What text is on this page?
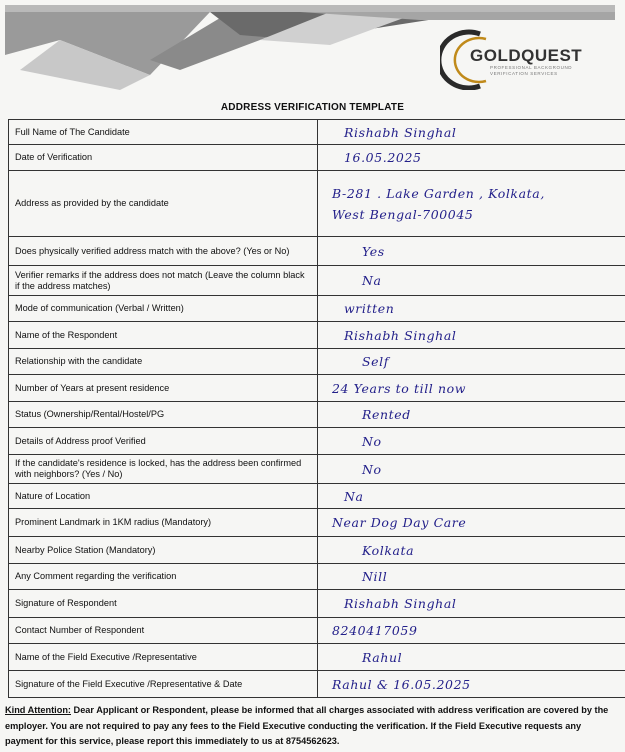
GOLDQUEST
PROFESSIONAL BACKGROUND VERIFICATION SERVICES
ADDRESS VERIFICATION TEMPLATE
Full Name of The Candidate	Rishabh Singhal

Date of Verification	16.05.2025

Address as provided by the candidate	B-281 . Lake Garden , Kolkata,
West Bengal-700045

Does physically verified address match with the above? (Yes or No)	Yes

Verifier remarks if the address does not match (Leave the column black if the address matches)	Na

Mode of communication (Verbal / Written)	written

Name of the Respondent	Rishabh Singhal

Relationship with the candidate	Self

Number of Years at present residence	24 Years to till now

Status (Ownership/Rental/Hostel/PG	Rented

Details of Address proof Verified	No

If the candidate's residence is locked, has the address been confirmed with neighbors? (Yes / No)	No

Nature of Location	Na

Prominent Landmark in 1KM radius (Mandatory)	Near Dog Day Care

Nearby Police Station (Mandatory)	Kolkata

Any Comment regarding the verification	Nill

Signature of Respondent	Rishabh Singhal

Contact Number of Respondent	8240417059

Name of the Field Executive /Representative	Rahul

Signature of the Field Executive /Representative & Date	Rahul & 16.05.2025
Kind Attention: Dear Applicant or Respondent, please be informed that all charges associated with address verification are covered by the employer. You are not required to pay any fees to the Field Executive conducting the verification. If the Field Executive requests any payment for this service, please report this immediately to us at 8754562623.
